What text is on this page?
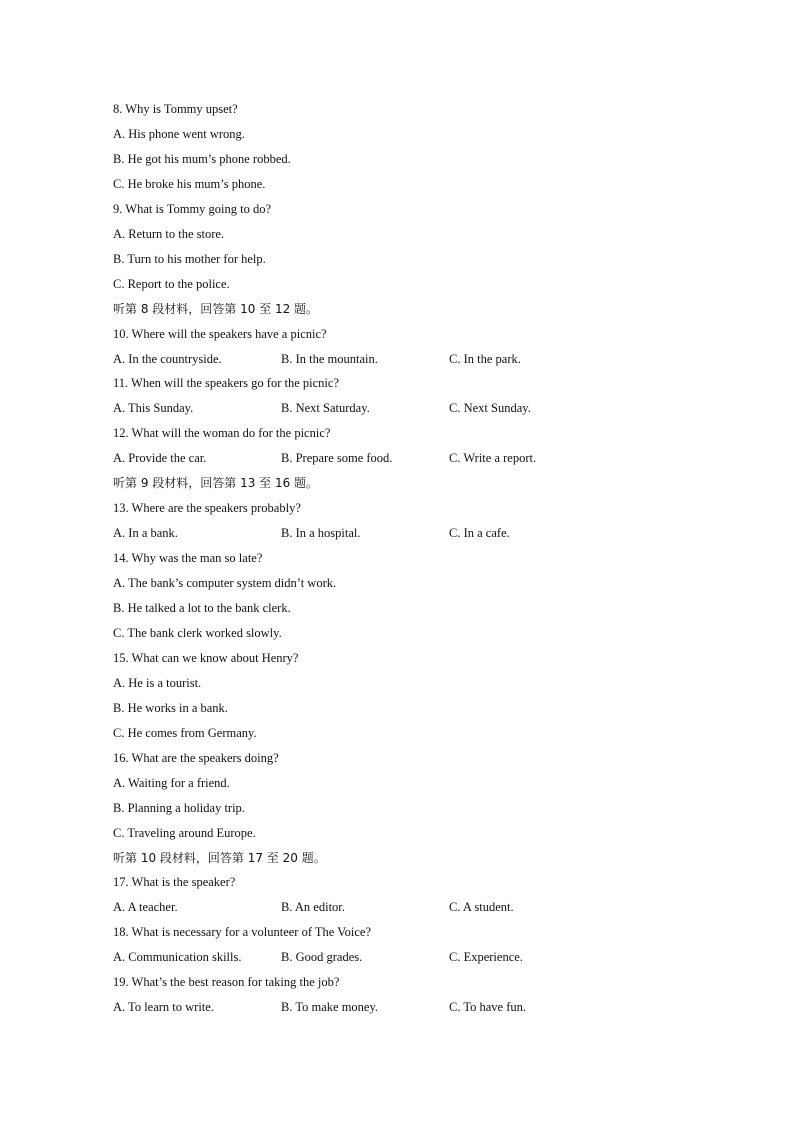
8. Why is Tommy upset?
A. His phone went wrong.
B. He got his mum’s phone robbed.
C. He broke his mum’s phone.
9. What is Tommy going to do?
A. Return to the store.
B. Turn to his mother for help.
C. Report to the police.
听第 8 段材料，回答第 10 至 12 题。
10. Where will the speakers have a picnic?
A. In the countryside.	B. In the mountain.	C. In the park.
11. When will the speakers go for the picnic?
A. This Sunday.	B. Next Saturday.	C. Next Sunday.
12. What will the woman do for the picnic?
A. Provide the car.	B. Prepare some food.	C. Write a report.
听第 9 段材料，回答第 13 至 16 题。
13. Where are the speakers probably?
A. In a bank.	B. In a hospital.	C. In a cafe.
14. Why was the man so late?
A. The bank’s computer system didn’t work.
B. He talked a lot to the bank clerk.
C. The bank clerk worked slowly.
15. What can we know about Henry?
A. He is a tourist.
B. He works in a bank.
C. He comes from Germany.
16. What are the speakers doing?
A. Waiting for a friend.
B. Planning a holiday trip.
C. Traveling around Europe.
听第 10 段材料，回答第 17 至 20 题。
17. What is the speaker?
A. A teacher.	B. An editor.	C. A student.
18. What is necessary for a volunteer of The Voice?
A. Communication skills.	B. Good grades.	C. Experience.
19. What’s the best reason for taking the job?
A. To learn to write.	B. To make money.	C. To have fun.
